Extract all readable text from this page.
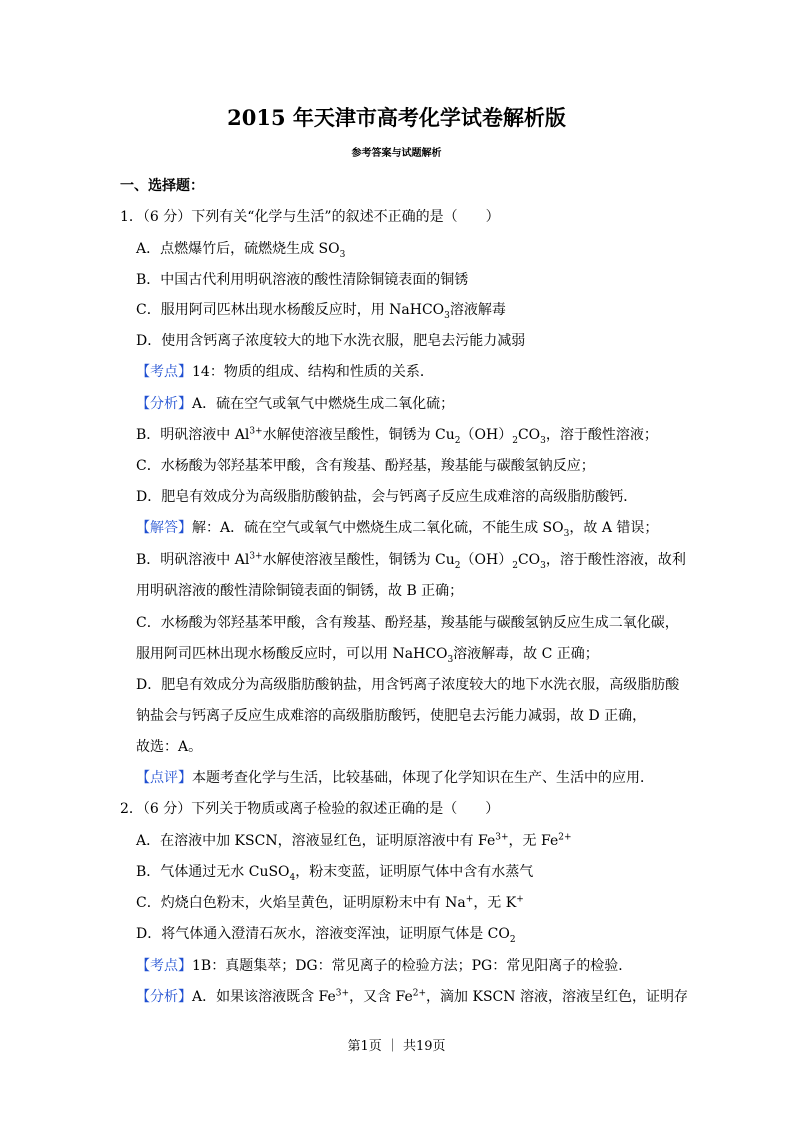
2015 年天津市高考化学试卷解析版
参考答案与试题解析
一、选择题：
1．（6 分）下列有关“化学与生活”的叙述不正确的是（　　）
A．点燃爆竹后，硫燃烧生成 $SO_3$
B．中国古代利用明矾溶液的酸性清除铜镜表面的铜锈
C．服用阿司匹林出现水杨酸反应时，用 NaHCO$_3$溶液解毒
D．使用含钙离子浓度较大的地下水洗衣服，肥皂去污能力减弱
【考点】14：物质的组成、结构和性质的关系．
【分析】A．硫在空气或氧气中燃烧生成二氧化硫；
B．明矾溶液中 $Al^{3+}$水解使溶液呈酸性，铜锈为 $Cu_2(OH)_2CO_3$，溶于酸性溶液；
C．水杨酸为邻羟基苯甲酸，含有羧基、酚羟基，羧基能与碳酸氢钠反应；
D．肥皂有效成分为高级脂肪酸钠盐，会与钙离子反应生成难溶的高级脂肪酸钙．
【解答】解：A．硫在空气或氧气中燃烧生成二氧化硫，不能生成 $SO_3$，故 A 错误；
B．明矾溶液中 $Al^{3+}$水解使溶液呈酸性，铜锈为 $Cu_2(OH)_2CO_3$，溶于酸性溶液，故利
用明矾溶液的酸性清除铜镜表面的铜锈，故 B 正确；
C．水杨酸为邻羟基苯甲酸，含有羧基、酚羟基，羧基能与碳酸氢钠反应生成二氧化碳，
服用阿司匹林出现水杨酸反应时，可以用 NaHCO$_3$溶液解毒，故 C 正确；
D．肥皂有效成分为高级脂肪酸钠盐，用含钙离子浓度较大的地下水洗衣服，高级脂肪酸
钠盐会与钙离子反应生成难溶的高级脂肪酸钙，使肥皂去污能力减弱，故 D 正确，
故选：A。
【点评】本题考查化学与生活，比较基础，体现了化学知识在生产、生活中的应用．
2．（6 分）下列关于物质或离子检验的叙述正确的是（　　）
A．在溶液中加 KSCN，溶液显红色，证明原溶液中有 $Fe^{3+}$，无 $Fe^{2+}$
B．气体通过无水 CuSO$_4$，粉末变蓝，证明原气体中含有水蒸气
C．灼烧白色粉末，火焰呈黄色，证明原粉末中有 Na+，无 K+
D．将气体通入澄清石灰水，溶液变浑浊，证明原气体是 $CO_2$
【考点】1B：真题集萃；DG：常见离子的检验方法；PG：常见阳离子的检验．
【分析】A．如果该溶液既含 $Fe^{3+}$，又含 $Fe^{2+}$，滴加 KSCN 溶液，溶液呈红色，证明存
第1页 ｜ 共19页
